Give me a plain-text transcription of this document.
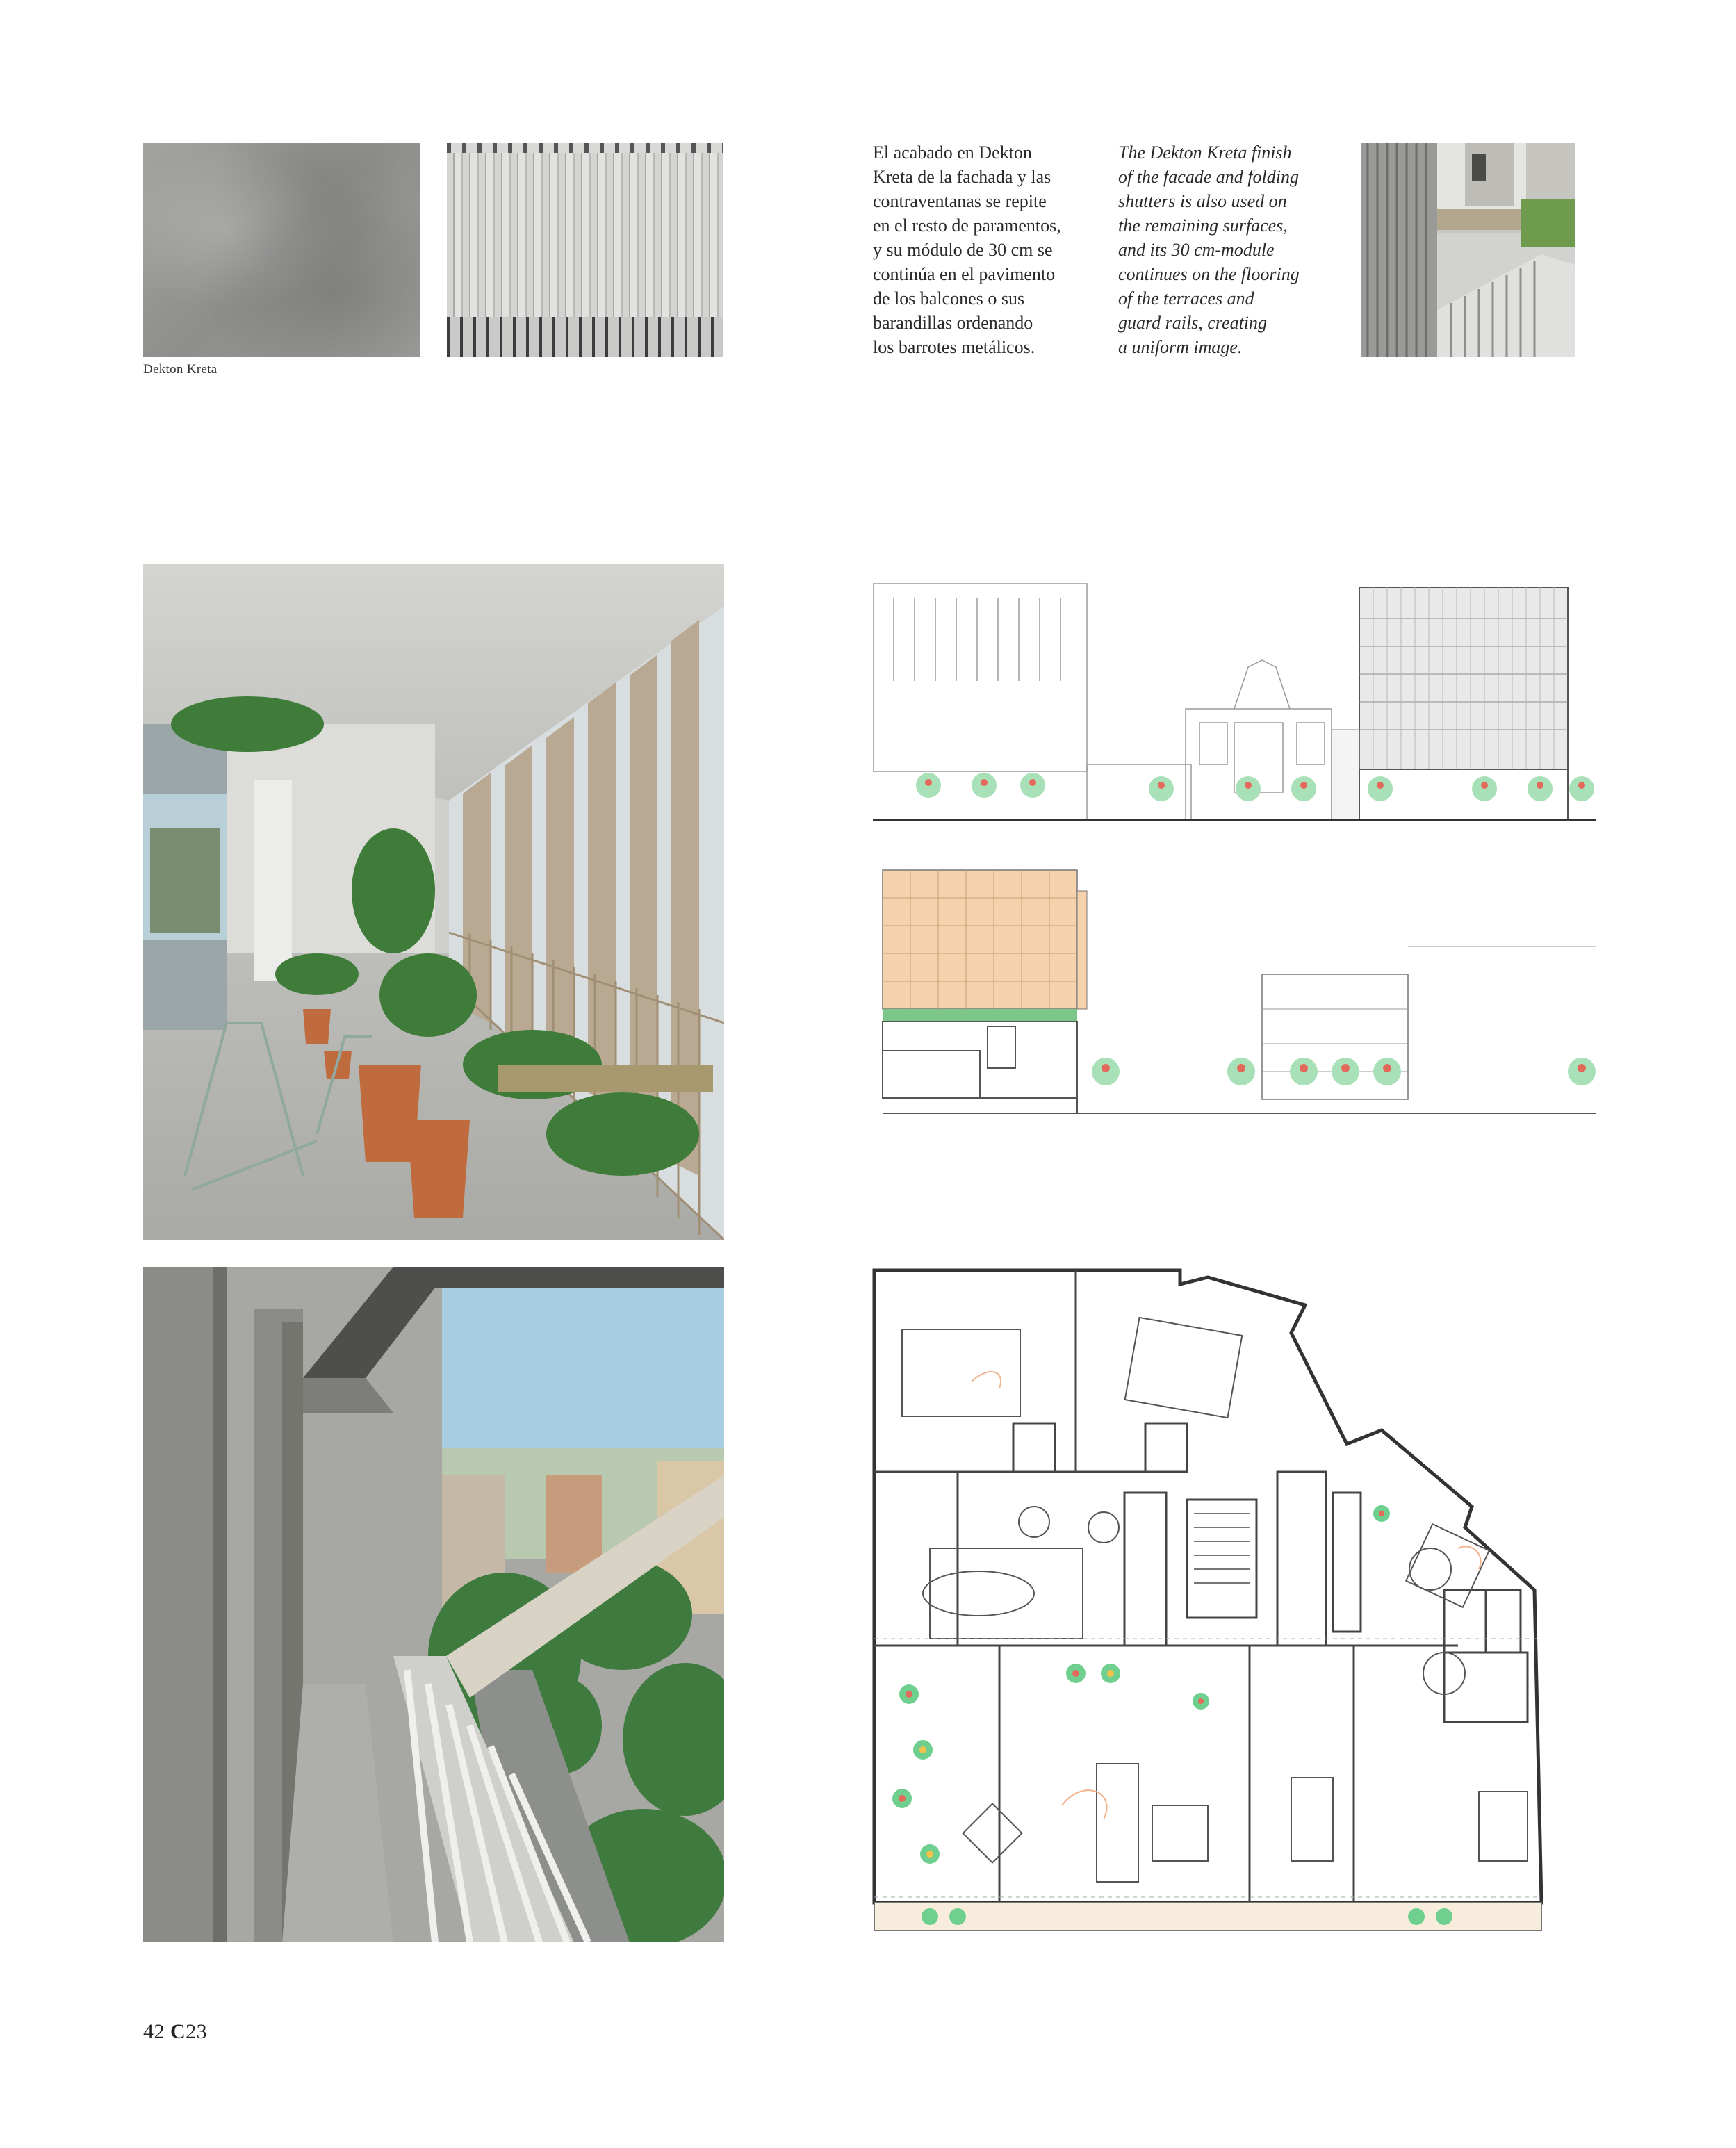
Dekton Kreta
El acabado en Dekton
Kreta de la fachada y las
contraventanas se repite
en el resto de paramentos,
y su módulo de 30 cm se
continúa en el pavimento
de los balcones o sus
barandillas ordenando
los barrotes metálicos.
The Dekton Kreta finish
of the facade and folding
shutters is also used on
the remaining surfaces,
and its 30 cm-module
continues on the flooring
of the terraces and
guard rails, creating
a uniform image.
42 C23
